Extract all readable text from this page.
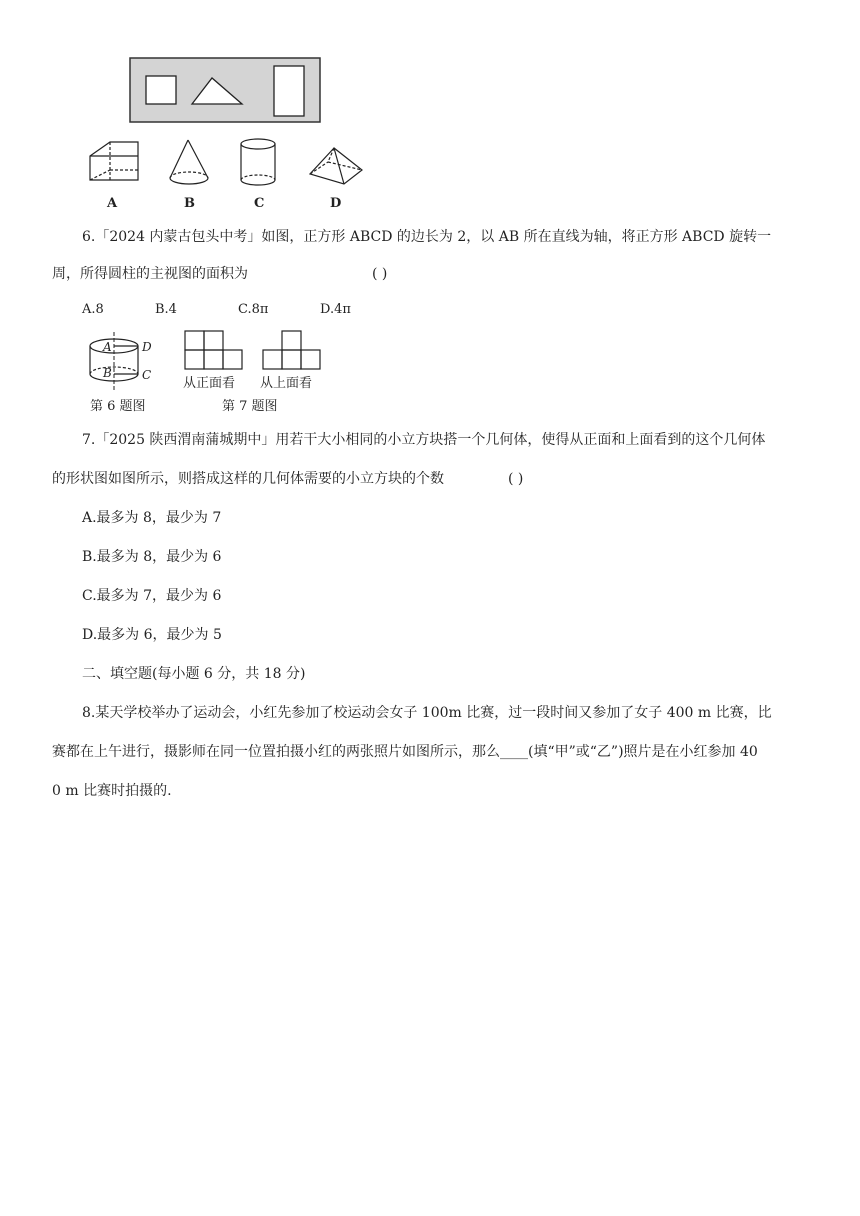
A	B	C	D
6.「2024 内蒙古包头中考」如图，正方形 ABCD 的边长为 2，以 AB 所在直线为轴，将正方形 ABCD 旋转一
周，所得圆柱的主视图的面积为	( )
A.8	B.4	C.8π	D.4π
A	D
B	C
第 6 题图
从正面看 从上面看
第 7 题图
7.「2025 陕西渭南蒲城期中」用若干大小相同的小立方块搭一个几何体，使得从正面和上面看到的这个几何体
的形状图如图所示，则搭成这样的几何体需要的小立方块的个数	( )
A.最多为 8，最少为 7
B.最多为 8，最少为 6
C.最多为 7，最少为 6
D.最多为 6，最少为 5
二、填空题(每小题 6 分，共 18 分)
8.某天学校举办了运动会，小红先参加了校运动会女子 100m 比赛，过一段时间又参加了女子 400 m 比赛，比
赛都在上午进行，摄影师在同一位置拍摄小红的两张照片如图所示，那么____(填“甲”或“乙”)照片是在小红参加 40
0 m 比赛时拍摄的.
